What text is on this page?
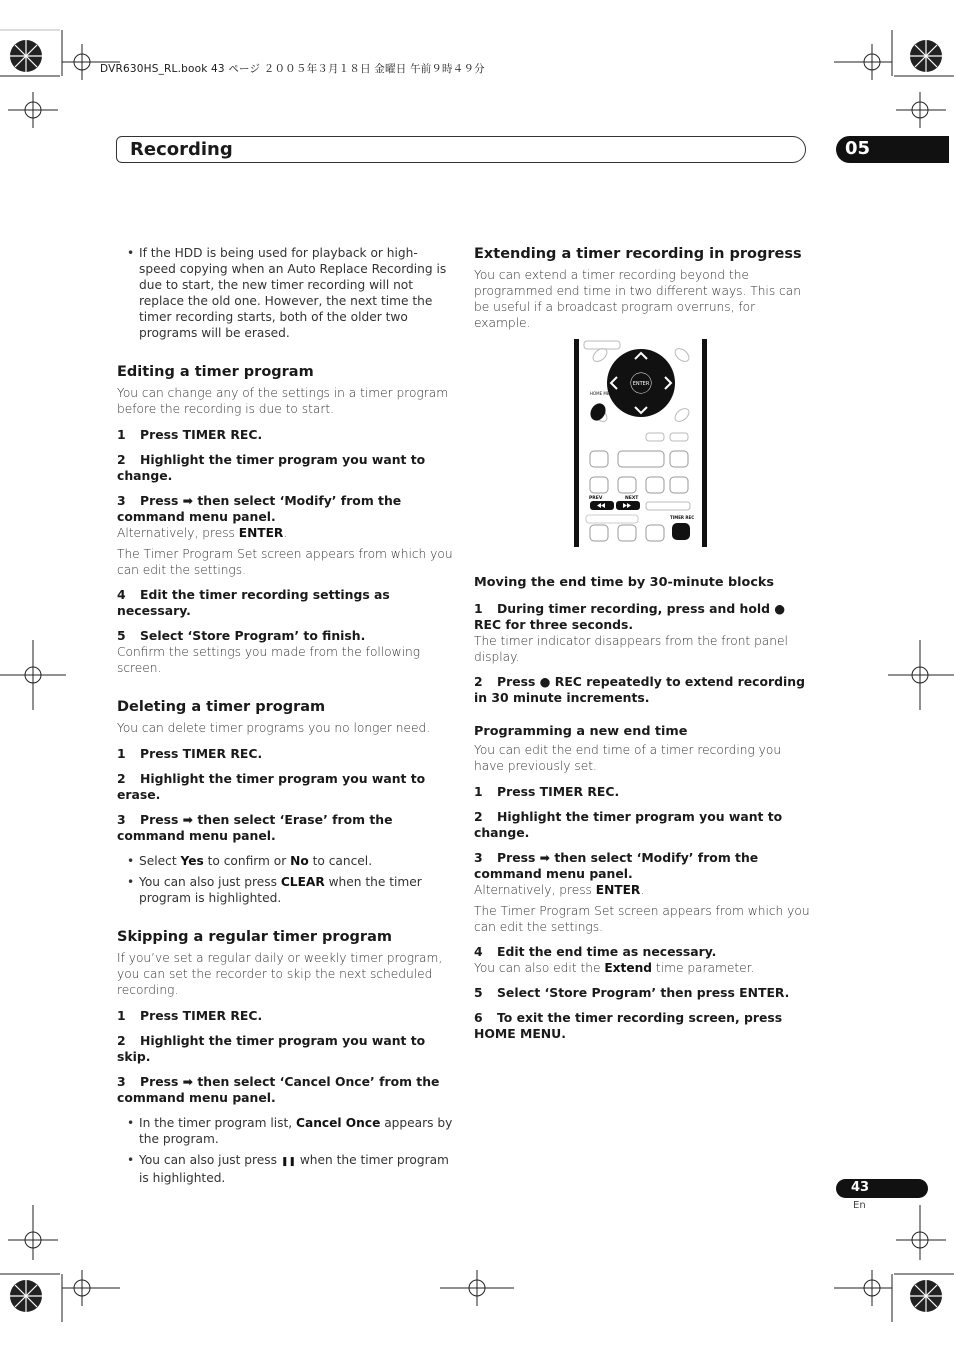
DVR630HS_RL.book 43 ページ ２００５年３月１８日 金曜日 午前９時４９分
Recording	05
• If the HDD is being used for playback or high-speed copying when an Auto Replace Recording is due to start, the new timer recording will not replace the old one. However, the next time the timer recording starts, both of the older two programs will be erased.
Editing a timer program

You can change any of the settings in a timer program before the recording is due to start.

1 Press TIMER REC.
2 Highlight the timer program you want to change.
3 Press ➡ then select ‘Modify’ from the command menu panel.

Alternatively, press ENTER.

The Timer Program Set screen appears from which you can edit the settings.

4 Edit the timer recording settings as necessary.
5 Select ‘Store Program’ to finish.

Confirm the settings you made from the following screen.

Deleting a timer program

You can delete timer programs you no longer need.

1 Press TIMER REC.
2 Highlight the timer program you want to erase.
3 Press ➡ then select ‘Erase’ from the command menu panel.
• Select Yes to confirm or No to cancel.
• You can also just press CLEAR when the timer program is highlighted.
Skipping a regular timer program

If you’ve set a regular daily or weekly timer program, you can set the recorder to skip the next scheduled recording.

1 Press TIMER REC.
2 Highlight the timer program you want to skip.
3 Press ➡ then select ‘Cancel Once’ from the command menu panel.
• In the timer program list, Cancel Once appears by the program.
• You can also just press ❚❚ when the timer program is highlighted.
Extending a timer recording in progress

You can extend a timer recording beyond the programmed end time in two different ways. This can be useful if a broadcast program overruns, for example.

ENTER
HOME MENU
PREV	NEXT
TIMER REC
Moving the end time by 30-minute blocks
1 During timer recording, press and hold ● REC for three seconds.

The timer indicator disappears from the front panel display.

2 Press ● REC repeatedly to extend recording in 30 minute increments.
Programming a new end time

You can edit the end time of a timer recording you have previously set.

1 Press TIMER REC.
2 Highlight the timer program you want to change.
3 Press ➡ then select ‘Modify’ from the command menu panel.

Alternatively, press ENTER.

The Timer Program Set screen appears from which you can edit the settings.

4 Edit the end time as necessary.

You can also edit the Extend time parameter.

5 Select ‘Store Program’ then press ENTER.
6 To exit the timer recording screen, press HOME MENU.
43
En
